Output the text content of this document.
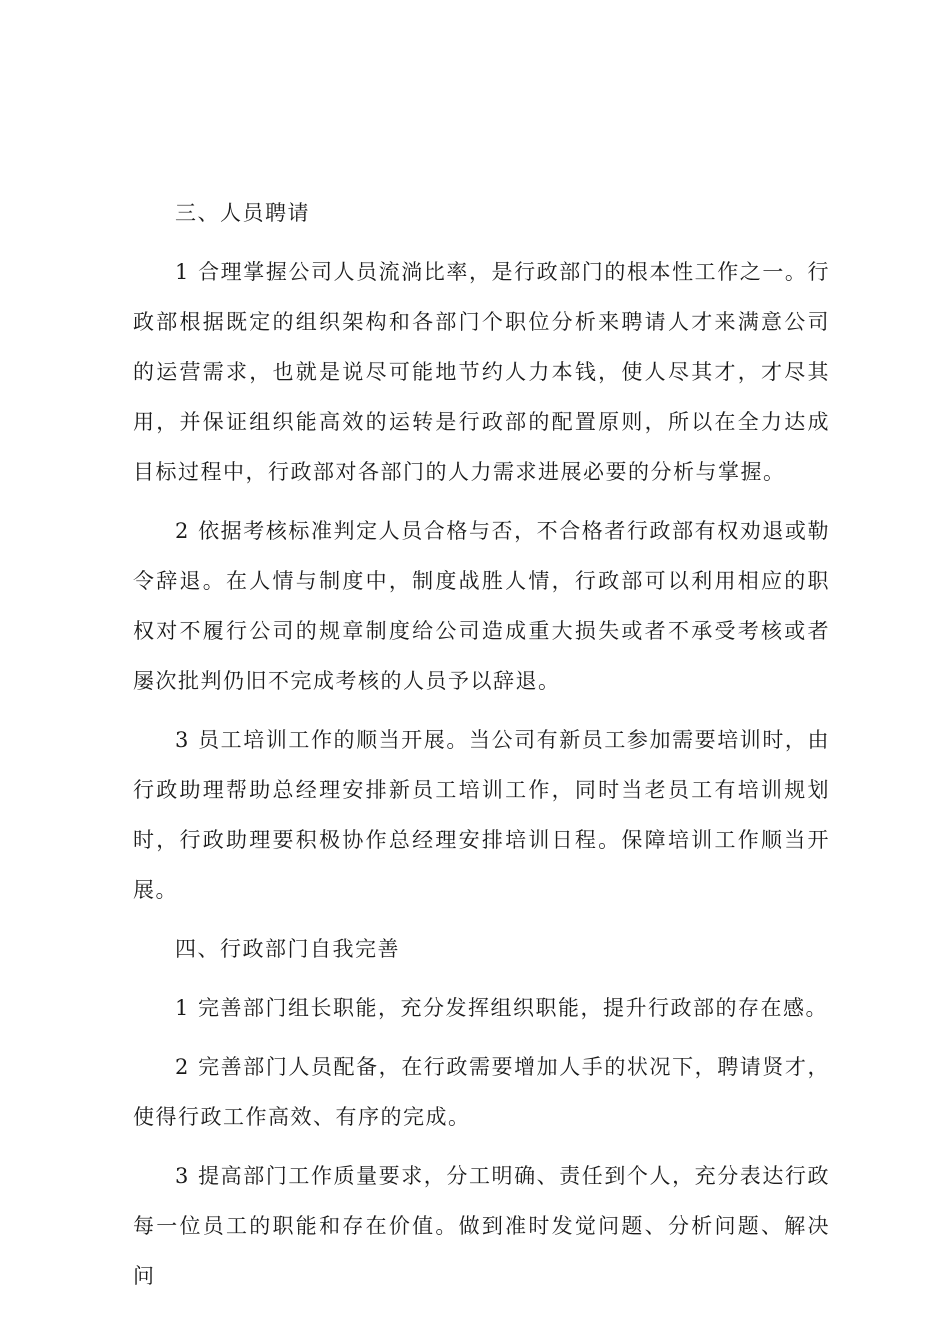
三、人员聘请

1 合理掌握公司人员流淌比率，是行政部门的根本性工作之一。行政部根据既定的组织架构和各部门个职位分析来聘请人才来满意公司的运营需求，也就是说尽可能地节约人力本钱，使人尽其才，才尽其用，并保证组织能高效的运转是行政部的配置原则，所以在全力达成目标过程中，行政部对各部门的人力需求进展必要的分析与掌握。

2 依据考核标准判定人员合格与否，不合格者行政部有权劝退或勒令辞退。在人情与制度中，制度战胜人情，行政部可以利用相应的职权对不履行公司的规章制度给公司造成重大损失或者不承受考核或者屡次批判仍旧不完成考核的人员予以辞退。

3 员工培训工作的顺当开展。当公司有新员工参加需要培训时，由行政助理帮助总经理安排新员工培训工作，同时当老员工有培训规划时，行政助理要积极协作总经理安排培训日程。保障培训工作顺当开展。

四、行政部门自我完善

1 完善部门组长职能，充分发挥组织职能，提升行政部的存在感。

2 完善部门人员配备，在行政需要增加人手的状况下，聘请贤才，使得行政工作高效、有序的完成。

3 提高部门工作质量要求，分工明确、责任到个人，充分表达行政每一位员工的职能和存在价值。做到准时发觉问题、分析问题、解决问
